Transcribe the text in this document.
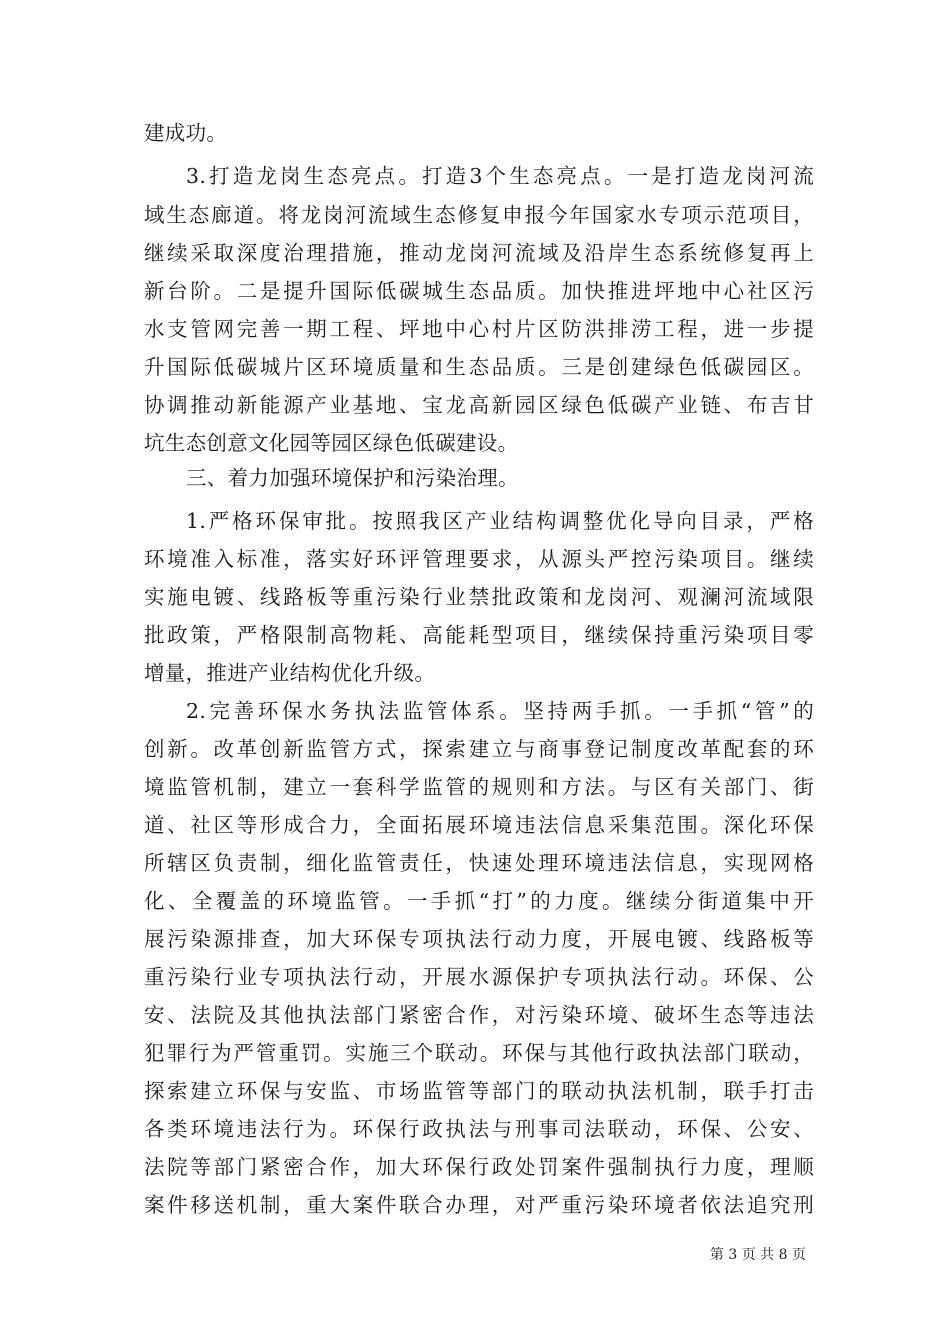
建成功。
3.打造龙岗生态亮点。打造3个生态亮点。一是打造龙岗河流
域生态廊道。将龙岗河流域生态修复申报今年国家水专项示范项目，
继续采取深度治理措施，推动龙岗河流域及沿岸生态系统修复再上
新台阶。二是提升国际低碳城生态品质。加快推进坪地中心社区污
水支管网完善一期工程、坪地中心村片区防洪排涝工程，进一步提
升国际低碳城片区环境质量和生态品质。三是创建绿色低碳园区。
协调推动新能源产业基地、宝龙高新园区绿色低碳产业链、布吉甘
坑生态创意文化园等园区绿色低碳建设。
三、着力加强环境保护和污染治理。
1.严格环保审批。按照我区产业结构调整优化导向目录，严格
环境准入标准，落实好环评管理要求，从源头严控污染项目。继续
实施电镀、线路板等重污染行业禁批政策和龙岗河、观澜河流域限
批政策，严格限制高物耗、高能耗型项目，继续保持重污染项目零
增量，推进产业结构优化升级。
2.完善环保水务执法监管体系。坚持两手抓。一手抓“管”的
创新。改革创新监管方式，探索建立与商事登记制度改革配套的环
境监管机制，建立一套科学监管的规则和方法。与区有关部门、街
道、社区等形成合力，全面拓展环境违法信息采集范围。深化环保
所辖区负责制，细化监管责任，快速处理环境违法信息，实现网格
化、全覆盖的环境监管。一手抓“打”的力度。继续分街道集中开
展污染源排查，加大环保专项执法行动力度，开展电镀、线路板等
重污染行业专项执法行动，开展水源保护专项执法行动。环保、公
安、法院及其他执法部门紧密合作，对污染环境、破坏生态等违法
犯罪行为严管重罚。实施三个联动。环保与其他行政执法部门联动，
探索建立环保与安监、市场监管等部门的联动执法机制，联手打击
各类环境违法行为。环保行政执法与刑事司法联动，环保、公安、
法院等部门紧密合作，加大环保行政处罚案件强制执行力度，理顺
案件移送机制，重大案件联合办理，对严重污染环境者依法追究刑
第 3 页 共 8 页
